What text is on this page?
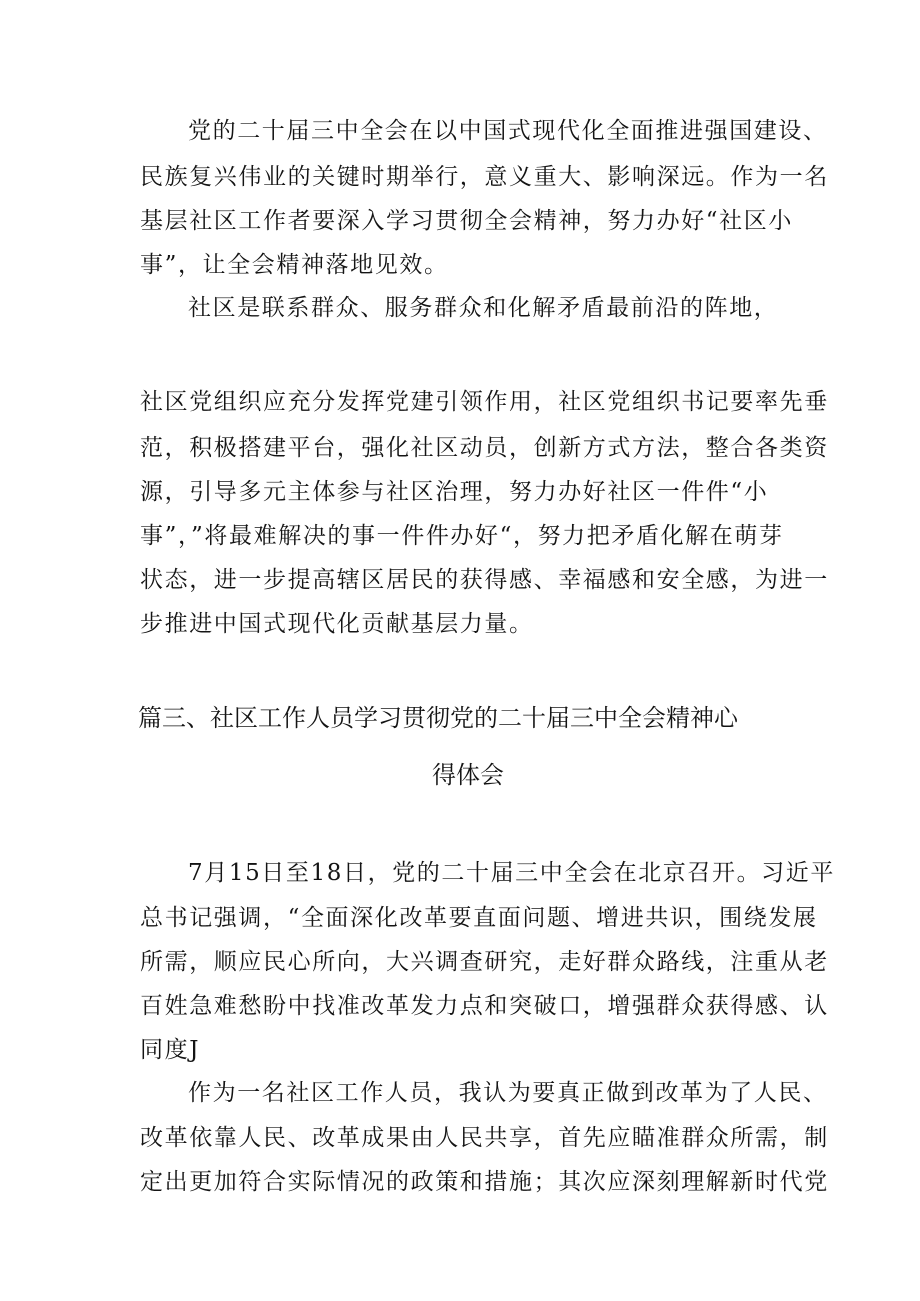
党的二十届三中全会在以中国式现代化全面推进强国建设、
民族复兴伟业的关键时期举行，意义重大、影响深远。作为一名
基层社区工作者要深入学习贯彻全会精神，努力办好“社区小
事”，让全会精神落地见效。
社区是联系群众、服务群众和化解矛盾最前沿的阵地，
社区党组织应充分发挥党建引领作用，社区党组织书记要率先垂
范，积极搭建平台，强化社区动员，创新方式方法，整合各类资
源，引导多元主体参与社区治理，努力办好社区一件件“小
事”，”将最难解决的事一件件办好“，努力把矛盾化解在萌芽
状态，进一步提高辖区居民的获得感、幸福感和安全感，为进一
步推进中国式现代化贡献基层力量。
篇三、社区工作人员学习贯彻党的二十届三中全会精神心
得体会
7月15日至18日，党的二十届三中全会在北京召开。习近平
总书记强调，“全面深化改革要直面问题、增进共识，围绕发展
所需，顺应民心所向，大兴调查研究，走好群众路线，注重从老
百姓急难愁盼中找准改革发力点和突破口，增强群众获得感、认
同度J
作为一名社区工作人员，我认为要真正做到改革为了人民、
改革依靠人民、改革成果由人民共享，首先应瞄准群众所需，制
定出更加符合实际情况的政策和措施；其次应深刻理解新时代党
